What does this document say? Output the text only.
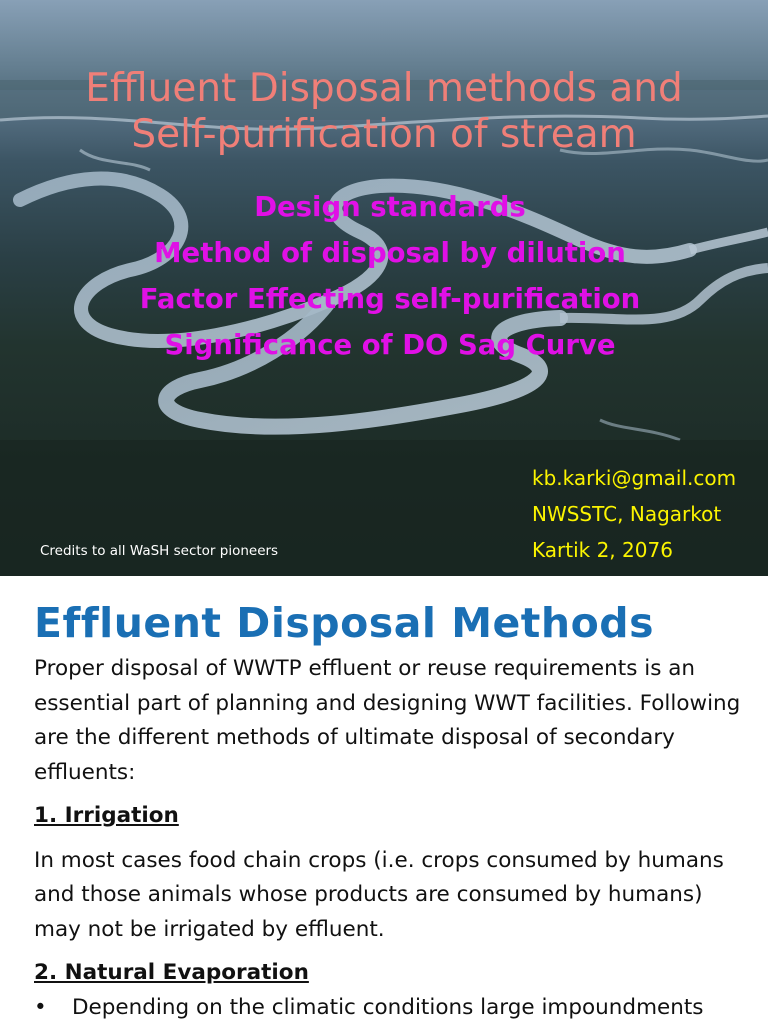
Effluent Disposal methods and
Self-purification of stream
Design standards
Method of disposal by dilution
Factor Effecting self-purification
Significance of DO Sag Curve
kb.karki@gmail.com
NWSSTC, Nagarkot
Kartik 2, 2076
Credits to all WaSH sector pioneers
Effluent Disposal Methods

Proper disposal of WWTP effluent or reuse requirements is an essential part of planning and designing WWT facilities. Following are the different methods of ultimate disposal of secondary effluents:

1. Irrigation

In most cases food chain crops (i.e. crops consumed by humans and those animals whose products are consumed by humans) may not be irrigated by effluent.

2. Natural Evaporation

• Depending on the climatic conditions large impoundments
